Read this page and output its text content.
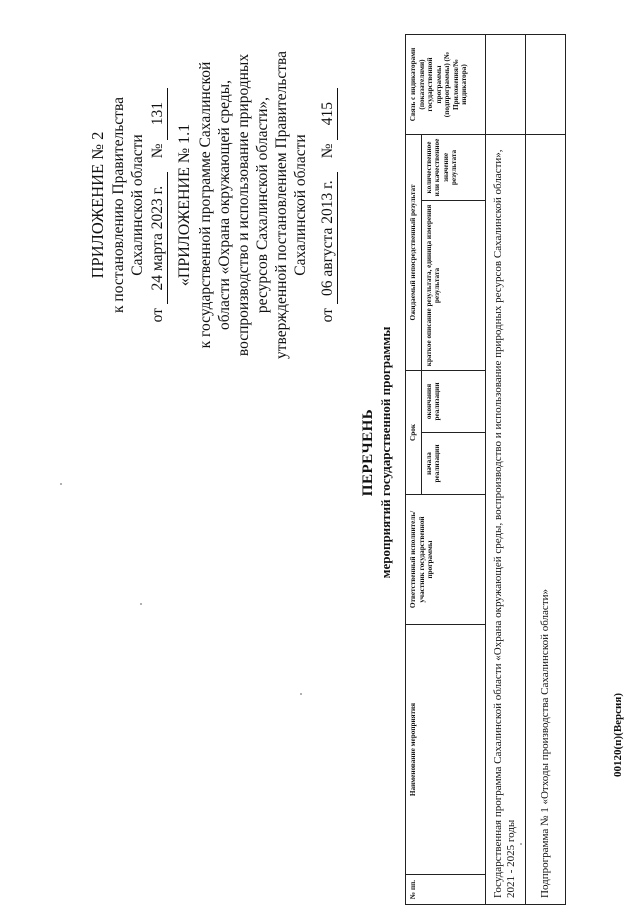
ПРИЛОЖЕНИЕ № 2 к постановлению Правительства Сахалинской области
от 24 марта 2023 г. № 131
«ПРИЛОЖЕНИЕ № 1.1 к государственной программе Сахалинской области «Охрана окружающей среды, воспроизводство и использование природных ресурсов Сахалинской области», утвержденной постановлением Правительства Сахалинской области
от 06 августа 2013 г. № 415
ПЕРЕЧЕНЬ мероприятий государственной программы
№ пп.	Наименование мероприятия	Ответственный исполнитель/участник государственной программы	Срок		Ожидаемый непосредственный результат		Связь с индикаторами (показателями) государственной программы (подпрограммы) (№ Приложения/№ индикатора)
			начала реализации	окончания реализации	краткое описание результата, единица измерения результата	количественное или качественное значение результата	
Государственная программа Сахалинской области «Охрана окружающей среды, воспроизводство и использование природных ресурсов Сахалинской области», 2021 - 2025 годы							
Подпрограмма № 1 «Отходы производства Сахалинской области»								00120(п)(Версия)
